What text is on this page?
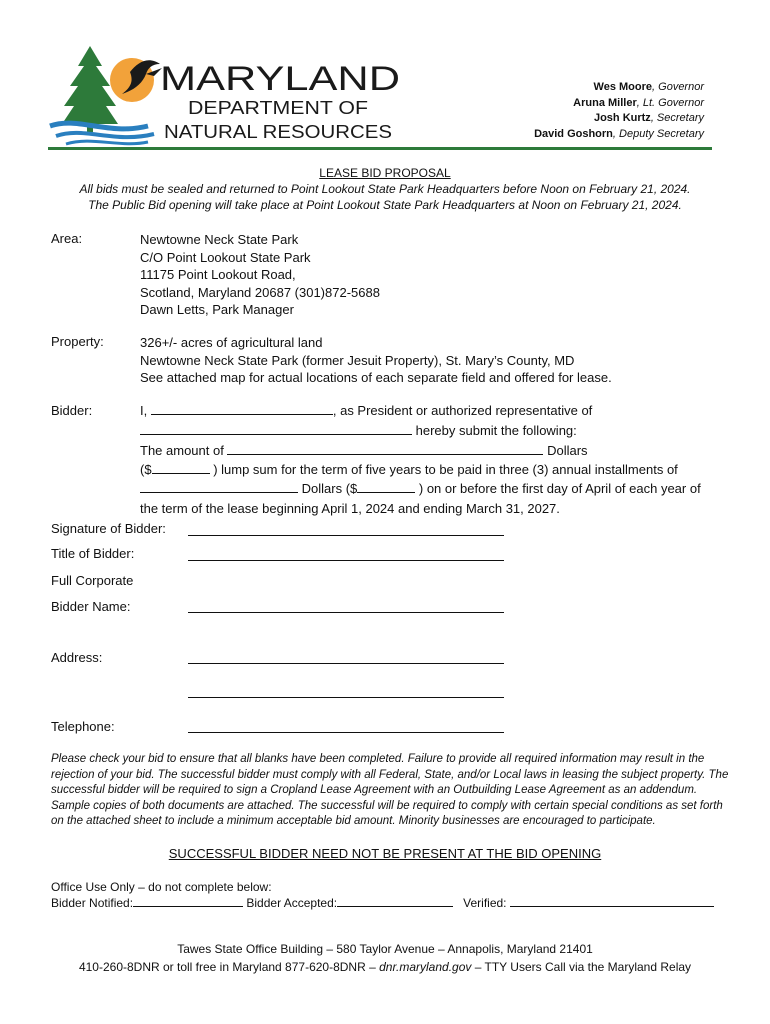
MARYLAND
DEPARTMENT OF
NATURAL RESOURCES
Wes Moore, Governor
Aruna Miller, Lt. Governor
Josh Kurtz, Secretary
David Goshorn, Deputy Secretary
LEASE BID PROPOSAL
All bids must be sealed and returned to Point Lookout State Park Headquarters before Noon on February 21, 2024.
The Public Bid opening will take place at Point Lookout State Park Headquarters at Noon on February 21, 2024.
Area:	Newtowne Neck State Park
C/O Point Lookout State Park
11175 Point Lookout Road,
Scotland, Maryland 20687 (301)872-5688
Dawn Letts, Park Manager
Property:	326+/- acres of agricultural land
Newtowne Neck State Park (former Jesuit Property), St. Mary’s County, MD
See attached map for actual locations of each separate field and offered for lease.
Bidder:	I,	, as President or authorized representative of
hereby submit the following:
The amount of	Dollars
($	) lump sum for the term of five years to be paid in three (3) annual installments of
Dollars ($	) on or before the first day of April of each year of
the term of the lease beginning April 1, 2024 and ending March 31, 2027.
Signature of Bidder:
Title of Bidder:
Full Corporate
Bidder Name:
Address:
Telephone:
Please check your bid to ensure that all blanks have been completed. Failure to provide all required information may result in the rejection of your bid. The successful bidder must comply with all Federal, State, and/or Local laws in leasing the subject property. The successful bidder will be required to sign a Cropland Lease Agreement with an Outbuilding Lease Agreement as an addendum. Sample copies of both documents are attached. The successful will be required to comply with certain special conditions as set forth on the attached sheet to include a minimum acceptable bid amount. Minority businesses are encouraged to participate.
SUCCESSFUL BIDDER NEED NOT BE PRESENT AT THE BID OPENING
Office Use Only – do not complete below:
Bidder Notified:	Bidder Accepted:	Verified:
Tawes State Office Building – 580 Taylor Avenue – Annapolis, Maryland 21401
410-260-8DNR or toll free in Maryland 877-620-8DNR – dnr.maryland.gov – TTY Users Call via the Maryland Relay
